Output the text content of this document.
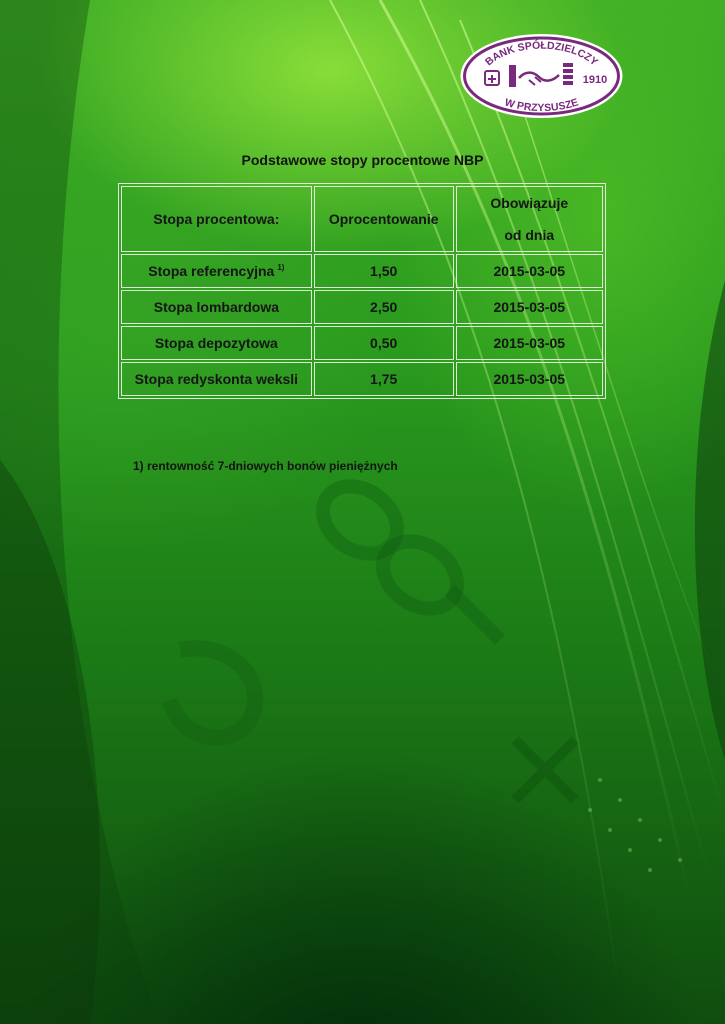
BANK SPÓŁDZIELCZY
W PRZYSUSZE
1910
Podstawowe stopy procentowe NBP
Stopa procentowa:	Oprocentowanie	Obowiązuje
od dnia

Stopa referencyjna $^{1)}$	1,50	2015-03-05
Stopa lombardowa	2,50	2015-03-05
Stopa depozytowa	0,50	2015-03-05
Stopa redyskonta weksli	1,75	2015-03-05
1) rentowność 7-dniowych bonów pieniężnych
